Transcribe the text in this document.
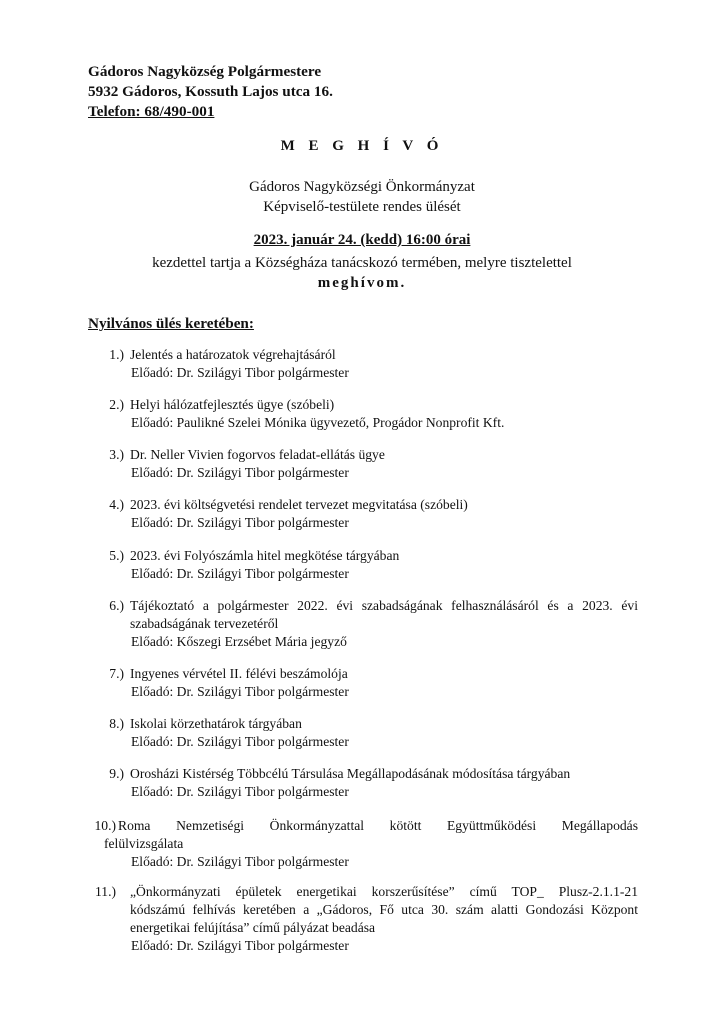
Gádoros Nagyközség Polgármestere
5932 Gádoros, Kossuth Lajos utca 16.
Telefon: 68/490-001
M E G H Í V Ó
Gádoros Nagyközségi Önkormányzat
Képviselő-testülete rendes ülését
2023. január 24. (kedd) 16:00 órai
kezdettel tartja a Községháza tanácskozó termében, melyre tisztelettel
meghívom.
Nyilvános ülés keretében:
1.) Jelentés a határozatok végrehajtásáról
Előadó: Dr. Szilágyi Tibor polgármester
2.) Helyi hálózatfejlesztés ügye (szóbeli)
Előadó: Paulikné Szelei Mónika ügyvezető, Progádor Nonprofit Kft.
3.) Dr. Neller Vivien fogorvos feladat-ellátás ügye
Előadó: Dr. Szilágyi Tibor polgármester
4.) 2023. évi költségvetési rendelet tervezet megvitatása (szóbeli)
Előadó: Dr. Szilágyi Tibor polgármester
5.) 2023. évi Folyószámla hitel megkötése tárgyában
Előadó: Dr. Szilágyi Tibor polgármester
6.) Tájékoztató a polgármester 2022. évi szabadságának felhasználásáról és a 2023. évi
szabadságának tervezetéről
Előadó: Kőszegi Erzsébet Mária jegyző
7.) Ingyenes vérvétel II. félévi beszámolója
Előadó: Dr. Szilágyi Tibor polgármester
8.) Iskolai körzethatárok tárgyában
Előadó: Dr. Szilágyi Tibor polgármester
9.) Orosházi Kistérség Többcélú Társulása Megállapodásának módosítása tárgyában
Előadó: Dr. Szilágyi Tibor polgármester
10.) Roma Nemzetiségi Önkormányzattal kötött Együttműködési Megállapodás
felülvizsgálata
Előadó: Dr. Szilágyi Tibor polgármester
11.) „Önkormányzati épületek energetikai korszerűsítése” című TOP_ Plusz-2.1.1-21
kódszámú felhívás keretében a „Gádoros, Fő utca 30. szám alatti Gondozási Központ
energetikai felújítása” című pályázat beadása
Előadó: Dr. Szilágyi Tibor polgármester
